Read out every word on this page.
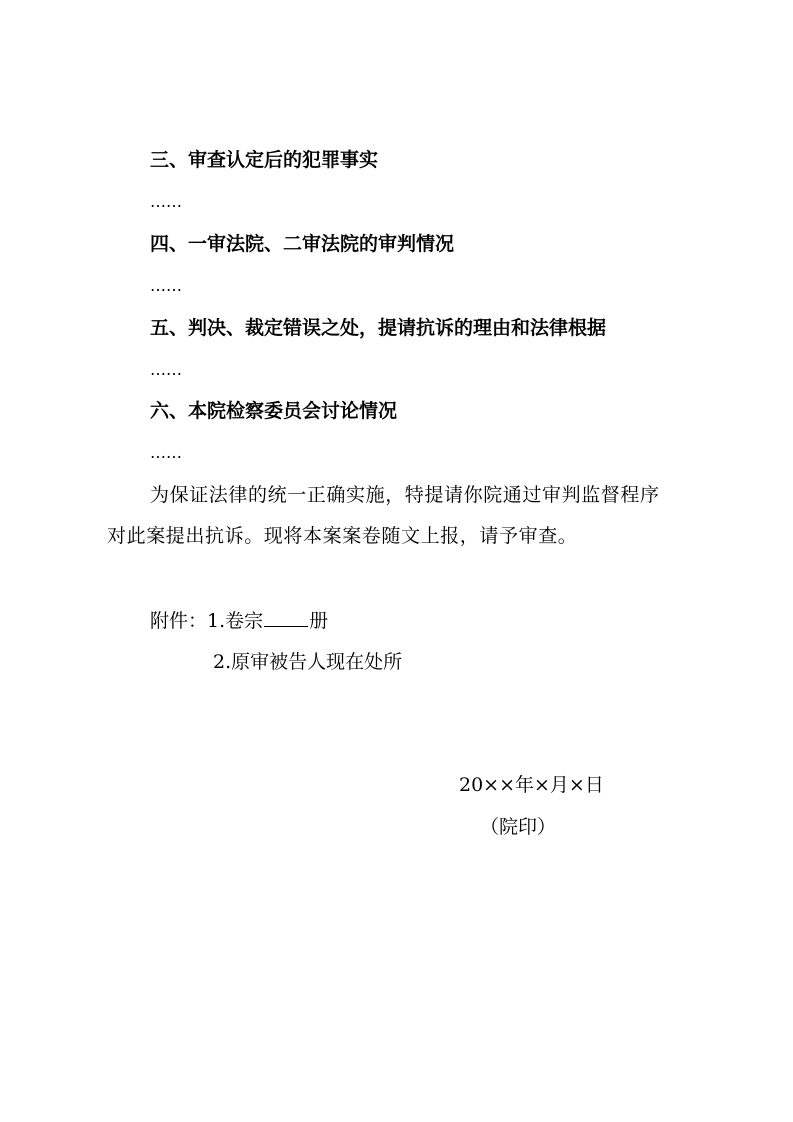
三、审查认定后的犯罪事实
……
四、一审法院、二审法院的审判情况
……
五、判决、裁定错误之处，提请抗诉的理由和法律根据
……
六、本院检察委员会讨论情况
……
为保证法律的统一正确实施，特提请你院通过审判监督程序
对此案提出抗诉。现将本案案卷随文上报，请予审查。
附件：1.卷宗 册
2.原审被告人现在处所
20××年×月×日
（院印）
